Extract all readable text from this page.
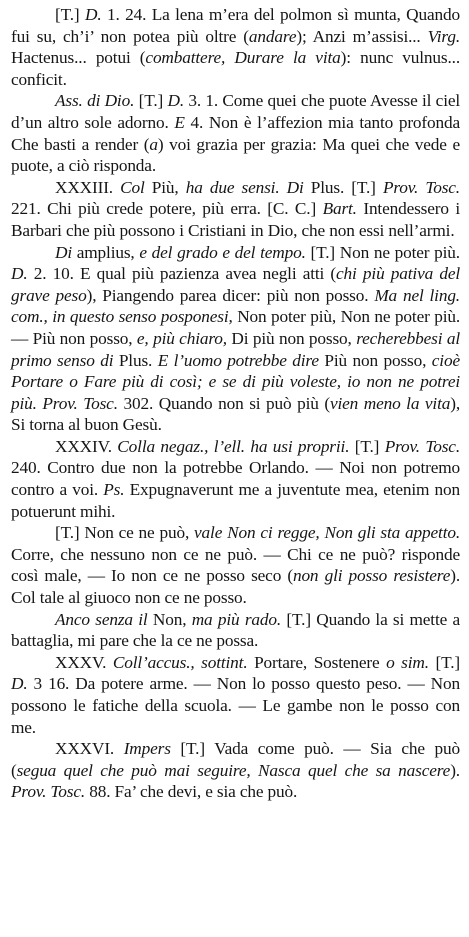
[T.] D. 1. 24. La lena m’era del polmon sì munta, Quando fui su, ch’i’ non potea più oltre (andare); Anzi m’assisi... Virg. Hactenus... potui (combattere, Durare la vita): nunc vulnus... conficit.

Ass. di Dio. [T.] D. 3. 1. Come quei che puote Avesse il ciel d’un altro sole adorno. E 4. Non è l’affezion mia tanto profonda Che basti a render (a) voi grazia per grazia: Ma quei che vede e puote, a ciò risponda.

XXXIII. Col Più, ha due sensi. Di Plus. [T.] Prov. Tosc. 221. Chi più crede potere, più erra. [C. C.] Bart. Intendessero i Barbari che più possono i Cristiani in Dio, che non essi nell’armi.

Di amplius, e del grado e del tempo. [T.] Non ne poter più. D. 2. 10. E qual più pazienza avea negli atti (chi più pativa del grave peso), Piangendo parea dicer: più non posso. Ma nel ling. com., in questo senso posponesi, Non poter più, Non ne poter più. — Più non posso, e, più chiaro, Di più non posso, recherebbesi al primo senso di Plus. E l’uomo potrebbe dire Più non posso, cioè Portare o Fare più di così; e se di più voleste, io non ne potrei più. Prov. Tosc. 302. Quando non si può più (vien meno la vita), Si torna al buon Gesù.

XXXIV. Colla negaz., l’ell. ha usi proprii. [T.] Prov. Tosc. 240. Contro due non la potrebbe Orlando. — Noi non potremo contro a voi. Ps. Expugnaverunt me a juventute mea, etenim non potuerunt mihi.

[T.] Non ce ne può, vale Non ci regge, Non gli sta appetto. Corre, che nessuno non ce ne può. — Chi ce ne può? risponde così male, — Io non ce ne posso seco (non gli posso resistere). Col tale al giuoco non ce ne posso.

Anco senza il Non, ma più rado. [T.] Quando la si mette a battaglia, mi pare che la ce ne possa.

XXXV. Coll’accus., sottint. Portare, Sostenere o sim. [T.] D. 3 16. Da potere arme. — Non lo posso questo peso. — Non possono le fatiche della scuola. — Le gambe non le posso con me.

XXXVI. Impers [T.] Vada come può. — Sia che può (segua quel che può mai seguire, Nasca quel che sa nascere). Prov. Tosc. 88. Fa’ che devi, e sia che può.
